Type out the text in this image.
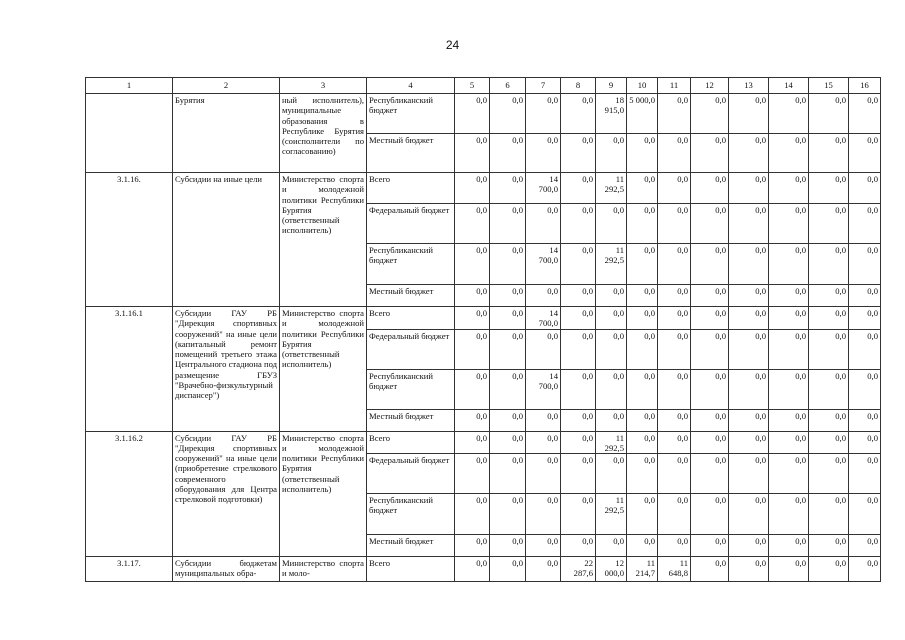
24
1	2	3	4	5	6	7	8	9	10	11	12	13	14	15	16
	Бурятия	ный исполнитель), муниципальные образования в Республике Бурятия (соисполнители по согласованию)	Республиканский бюджет	0,0	0,0	0,0	0,0	18 915,0	5 000,0	0,0	0,0	0,0	0,0	0,0	0,0
			Местный бюджет	0,0	0,0	0,0	0,0	0,0	0,0	0,0	0,0	0,0	0,0	0,0	0,0
3.1.16.	Субсидии на иные цели	Министерство спорта и молодежной политики Республики Бурятия (ответственный исполнитель)	Всего	0,0	0,0	14 700,0	0,0	11 292,5	0,0	0,0	0,0	0,0	0,0	0,0	0,0
			Федеральный бюджет	0,0	0,0	0,0	0,0	0,0	0,0	0,0	0,0	0,0	0,0	0,0	0,0
			Республиканский бюджет	0,0	0,0	14 700,0	0,0	11 292,5	0,0	0,0	0,0	0,0	0,0	0,0	0,0
			Местный бюджет	0,0	0,0	0,0	0,0	0,0	0,0	0,0	0,0	0,0	0,0	0,0	0,0
3.1.16.1	Субсидии ГАУ РБ "Дирекция спортивных сооружений" на иные цели (капитальный ремонт помещений третьего этажа Центрального стадиона под размещение ГБУЗ "Врачебно-физкультурный диспансер")	Министерство спорта и молодежной политики Республики Бурятия (ответственный исполнитель)	Всего	0,0	0,0	14 700,0	0,0	0,0	0,0	0,0	0,0	0,0	0,0	0,0	0,0
			Федеральный бюджет	0,0	0,0	0,0	0,0	0,0	0,0	0,0	0,0	0,0	0,0	0,0	0,0
			Республиканский бюджет	0,0	0,0	14 700,0	0,0	0,0	0,0	0,0	0,0	0,0	0,0	0,0	0,0
			Местный бюджет	0,0	0,0	0,0	0,0	0,0	0,0	0,0	0,0	0,0	0,0	0,0	0,0
3.1.16.2	Субсидии ГАУ РБ "Дирекция спортивных сооружений" на иные цели (приобретение стрелкового современного оборудования для Центра стрелковой подготовки)	Министерство спорта и молодежной политики Республики Бурятия (ответственный исполнитель)	Всего	0,0	0,0	0,0	0,0	11 292,5	0,0	0,0	0,0	0,0	0,0	0,0	0,0
			Федеральный бюджет	0,0	0,0	0,0	0,0	0,0	0,0	0,0	0,0	0,0	0,0	0,0	0,0
			Республиканский бюджет	0,0	0,0	0,0	0,0	11 292,5	0,0	0,0	0,0	0,0	0,0	0,0	0,0
			Местный бюджет	0,0	0,0	0,0	0,0	0,0	0,0	0,0	0,0	0,0	0,0	0,0	0,0
3.1.17.	Субсидии бюджетам муниципальных обра-	Министерство спорта и моло-	Всего	0,0	0,0	0,0	22 287,6	12 000,0	11 214,7	11 648,8	0,0	0,0	0,0	0,0	0,0
